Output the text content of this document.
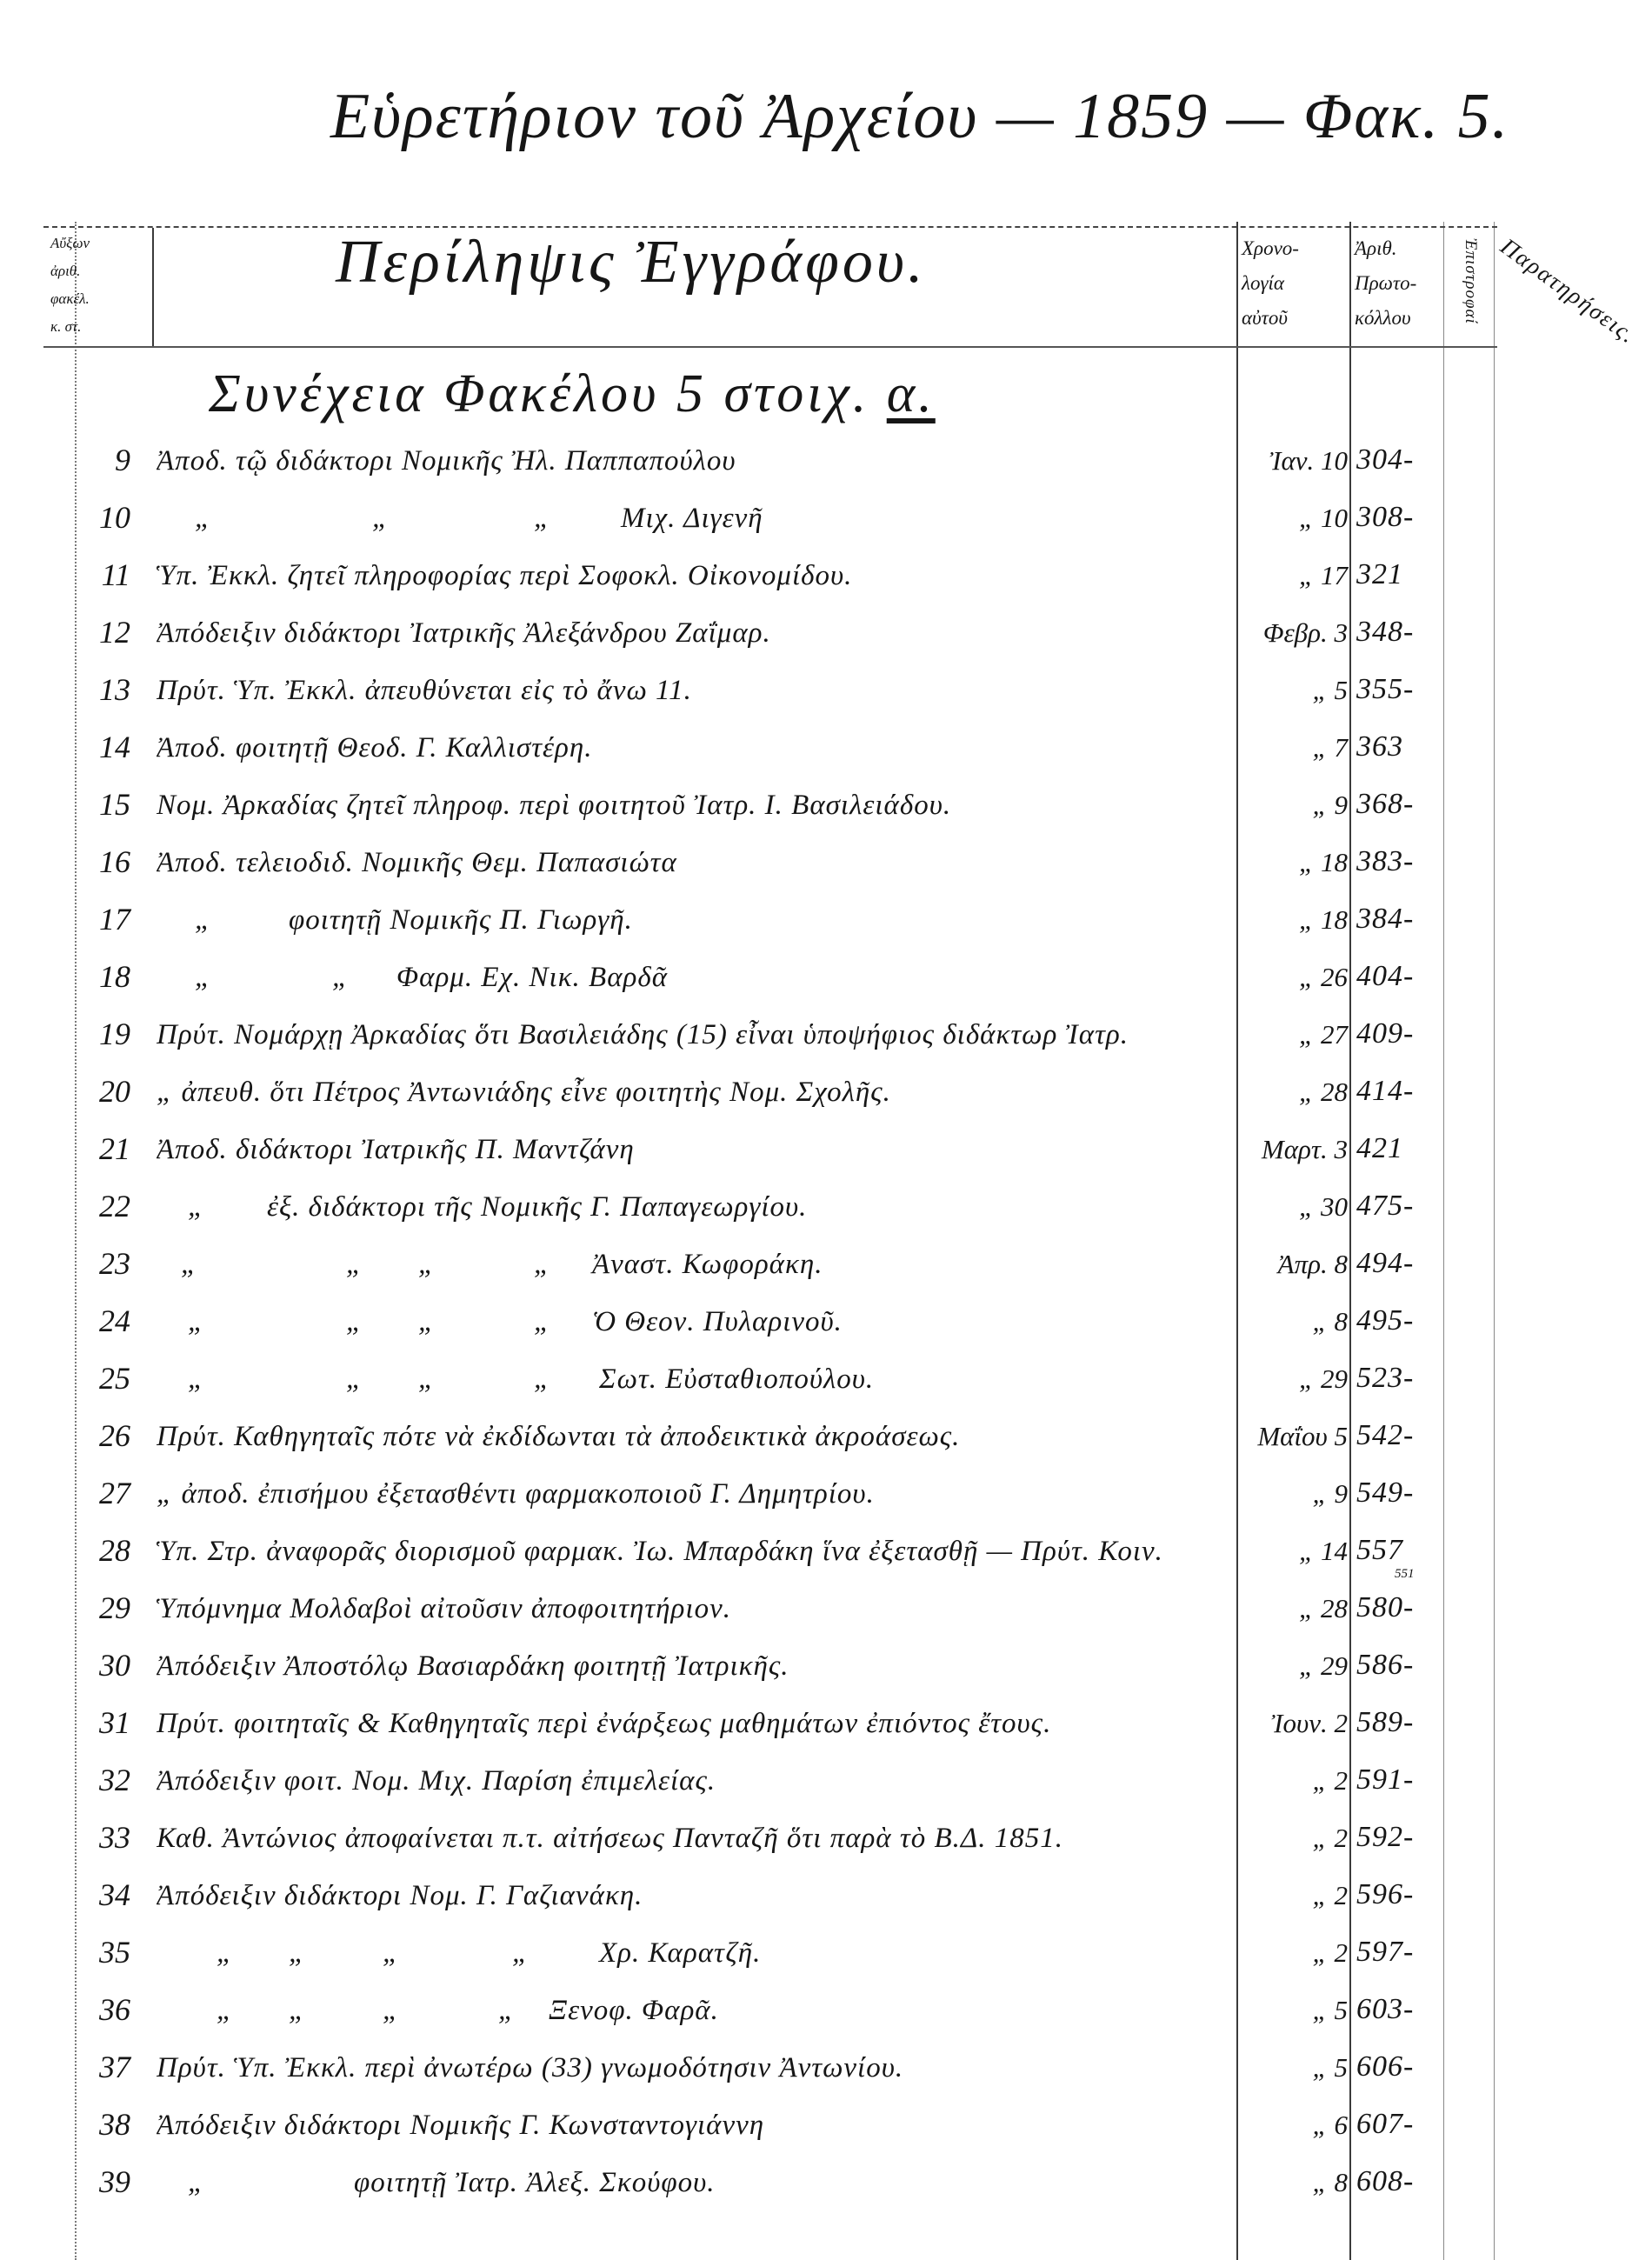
Εὑρετήριον τοῦ Ἀρχείου — 1859 — Φακ. 5.
Αὔξων
ἀριθ.
φακέλ.
κ. στ.
Περίληψις Ἐγγράφου.	Χρονο-
λογία
αὐτοῦ
Ἀριθ.
Πρωτο-
κόλλου	Ἐπιστροφαί Παρατηρήσεις.
Συνέχεια Φακέλου 5 στοιχ. α.
9 Ἀποδ. τῷ διδάκτορι Νομικῆς Ἠλ. Παππαπούλου	Ἰαν. 10 304-
10 „	„	„ Μιχ. Διγενῆ	„ 10 308-
11 Ὑπ. Ἐκκλ. ζητεῖ πληροφορίας περὶ Σοφοκλ. Οἰκονομίδου.	„ 17 321
12 Ἀπόδειξιν διδάκτορι Ἰατρικῆς Ἀλεξάνδρου Ζαΐμαρ.	Φεβρ. 3 348-
13 Πρύτ. Ὑπ. Ἐκκλ. ἀπευθύνεται εἰς τὸ ἄνω 11.	„ 5 355-
14 Ἀποδ. φοιτητῇ Θεοδ. Γ. Καλλιστέρη.	„ 7 363
15 Νομ. Ἀρκαδίας ζητεῖ πληροφ. περὶ φοιτητοῦ Ἰατρ. Ι. Βασιλειάδου.	„ 9 368-
16 Ἀποδ. τελειοδιδ. Νομικῆς Θεμ. Παπασιώτα	„ 18 383-
17 „	φοιτητῇ Νομικῆς Π. Γιωργῆ.	„ 18 384-
18 „	„ Φαρμ. Εχ. Νικ. Βαρδᾶ	„ 26 404-
19 Πρύτ. Νομάρχῃ Ἀρκαδίας ὅτι Βασιλειάδης (15) εἶναι ὑποψήφιος διδάκτωρ Ἰατρ.	„ 27 409-
20 „ ἀπευθ. ὅτι Πέτρος Ἀντωνιάδης εἶνε φοιτητὴς Νομ. Σχολῆς.	„ 28 414-
21 Ἀποδ. διδάκτορι Ἰατρικῆς Π. Μαντζάνη	Μαρτ. 3 421
22 „ ἐξ. διδάκτορι τῆς Νομικῆς Γ. Παπαγεωργίου.	„ 30 475-
23 „	„ „	„ Ἀναστ. Κωφοράκη.	Ἀπρ. 8 494-
24 „	„ „	„ Ὁ Θεον. Πυλαρινοῦ.	„ 8 495-
25 „	„ „	„ Σωτ. Εὐσταθιοπούλου.	„ 29 523-
26 Πρύτ. Καθηγηταῖς πότε νὰ ἐκδίδωνται τὰ ἀποδεικτικὰ ἀκροάσεως.	Μαΐου 5 542-
27 „ ἀποδ. ἐπισήμου ἐξετασθέντι φαρμακοποιοῦ Γ. Δημητρίου.	„ 9 549-
28 Ὑπ. Στρ. ἀναφορᾶς διορισμοῦ φαρμακ. Ἰω. Μπαρδάκη ἵνα ἐξετασθῇ — Πρύτ. Κοιν.	„ 14 557
551
29 Ὑπόμνημα Μολδαβοὶ αἰτοῦσιν ἀποφοιτητήριον.	„ 28 580-
30 Ἀπόδειξιν Ἀποστόλῳ Βασιαρδάκη φοιτητῇ Ἰατρικῆς.	„ 29 586-
31 Πρύτ. φοιτηταῖς & Καθηγηταῖς περὶ ἐνάρξεως μαθημάτων ἐπιόντος ἔτους.	Ἰουν. 2 589-
32 Ἀπόδειξιν φοιτ. Νομ. Μιχ. Παρίση ἐπιμελείας.	„ 2 591-
33 Καθ. Ἀντώνιος ἀποφαίνεται π.τ. αἰτήσεως Πανταζῆ ὅτι παρὰ τὸ Β.Δ. 1851.	„ 2 592-
34 Ἀπόδειξιν διδάκτορι Νομ. Γ. Γαζιανάκη.	„ 2 596-
35	„ „	„	„ Χρ. Καρατζῆ.	„ 2 597-
36	„ „	„	„ Ξενοφ. Φαρᾶ.	„ 5 603-
37 Πρύτ. Ὑπ. Ἐκκλ. περὶ ἀνωτέρω (33) γνωμοδότησιν Ἀντωνίου.	„ 5 606-
38 Ἀπόδειξιν διδάκτορι Νομικῆς Γ. Κωνσταντογιάννη	„ 6 607-
39 „	φοιτητῇ Ἰατρ. Ἀλεξ. Σκούφου.	„ 8 608-
